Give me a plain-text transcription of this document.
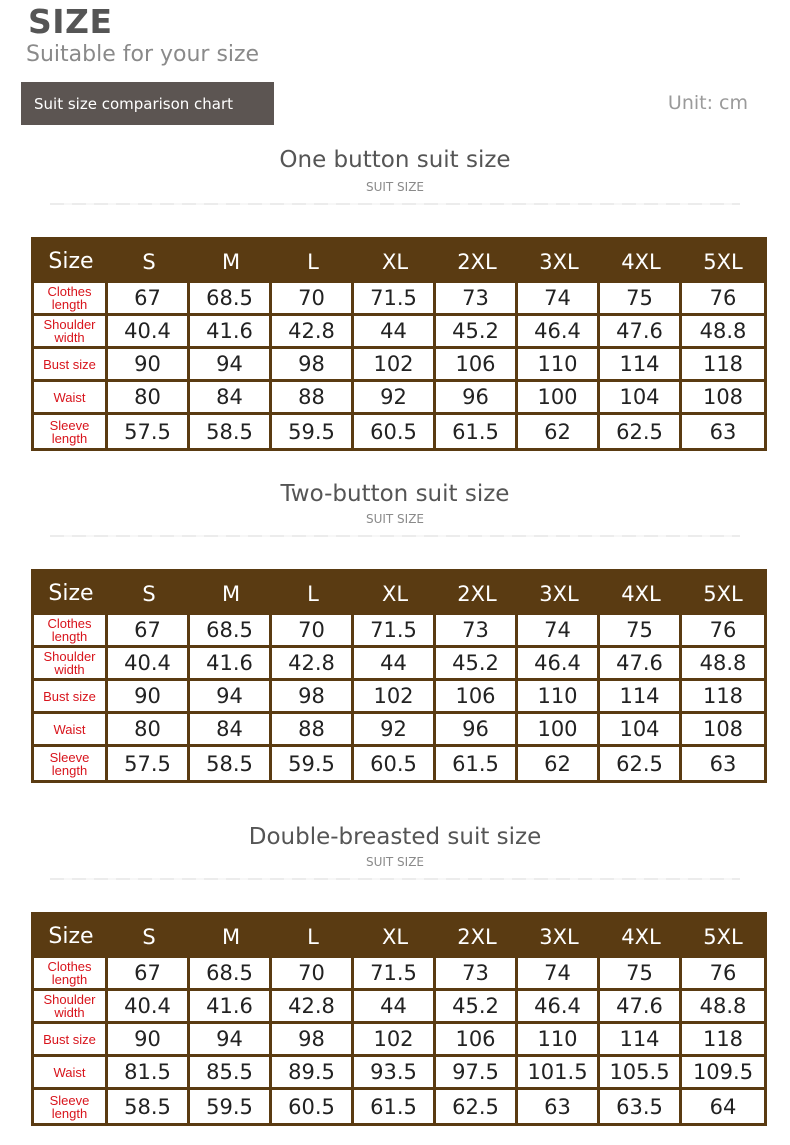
SIZE
Suitable for your size
Suit size comparison chart	Unit: cm
One button suit size
SUIT SIZE
Size	S	M	L	XL	2XL	3XL	4XL	5XL
Clothes length	67	68.5	70	71.5	73	74	75	76
Shoulder width	40.4	41.6	42.8	44	45.2	46.4	47.6	48.8
Bust size	90	94	98	102	106	110	114	118
Waist	80	84	88	92	96	100	104	108
Sleeve length	57.5	58.5	59.5	60.5	61.5	62	62.5	63
Two-button suit size
SUIT SIZE
Size	S	M	L	XL	2XL	3XL	4XL	5XL
Clothes length	67	68.5	70	71.5	73	74	75	76
Shoulder width	40.4	41.6	42.8	44	45.2	46.4	47.6	48.8
Bust size	90	94	98	102	106	110	114	118
Waist	80	84	88	92	96	100	104	108
Sleeve length	57.5	58.5	59.5	60.5	61.5	62	62.5	63
Double-breasted suit size
SUIT SIZE
Size	S	M	L	XL	2XL	3XL	4XL	5XL
Clothes length	67	68.5	70	71.5	73	74	75	76
Shoulder width	40.4	41.6	42.8	44	45.2	46.4	47.6	48.8
Bust size	90	94	98	102	106	110	114	118
Waist	81.5	85.5	89.5	93.5	97.5	101.5	105.5	109.5
Sleeve length	58.5	59.5	60.5	61.5	62.5	63	63.5	64
